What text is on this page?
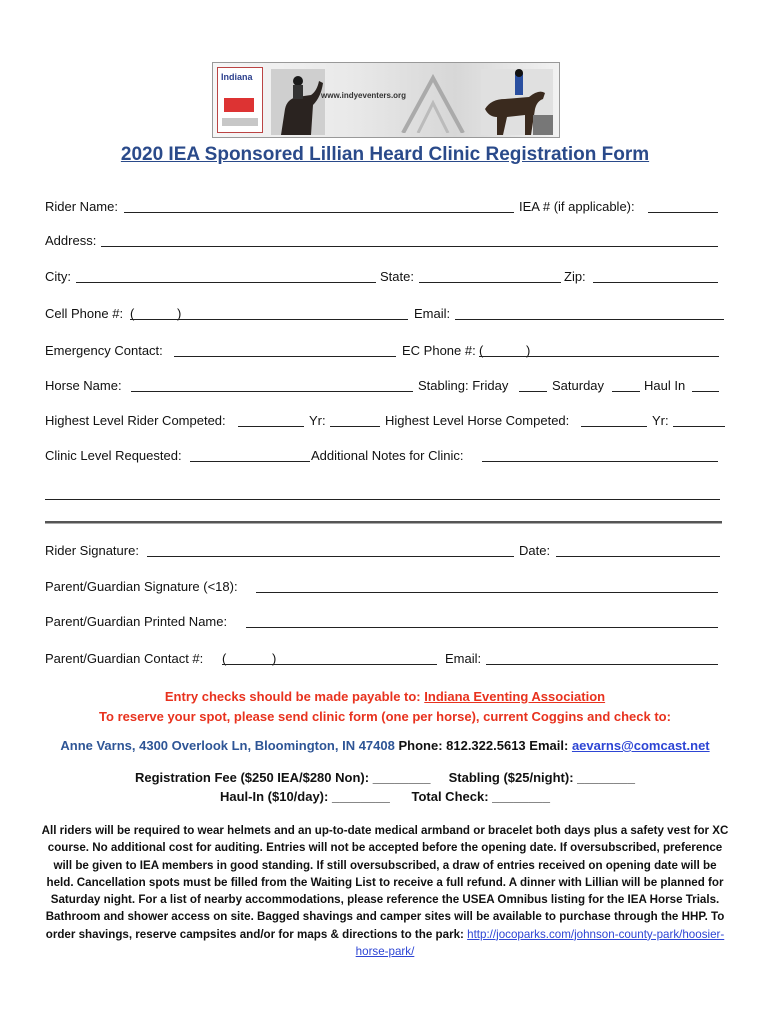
Indiana
www.indyeventers.org
2020 IEA Sponsored Lillian Heard Clinic Registration Form
Rider Name:	IEA # (if applicable):
Address:
City:	State:	Zip:
Cell Phone #: (	)	Email:
Emergency Contact:	EC Phone #: (	)
Horse Name:	Stabling: Friday	Saturday	Haul In
Highest Level Rider Competed:	Yr:	Highest Level Horse Competed:	Yr:
Clinic Level Requested:	Additional Notes for Clinic:
Rider Signature:	Date:
Parent/Guardian Signature (<18):
Parent/Guardian Printed Name:
Parent/Guardian Contact #: (	)	Email:
Entry checks should be made payable to: Indiana Eventing Association
To reserve your spot, please send clinic form (one per horse), current Coggins and check to:
Anne Varns, 4300 Overlook Ln, Bloomington, IN 47408 Phone: 812.322.5613 Email: aevarns@comcast.net
Registration Fee ($250 IEA/$280 Non): ________ Stabling ($25/night): ________
Haul-In ($10/day): ________ Total Check: ________
All riders will be required to wear helmets and an up-to-date medical armband or bracelet both days plus a safety vest for XC course. No additional cost for auditing. Entries will not be accepted before the opening date. If oversubscribed, preference will be given to IEA members in good standing. If still oversubscribed, a draw of entries received on opening date will be held. Cancellation spots must be filled from the Waiting List to receive a full refund. A dinner with Lillian will be planned for Saturday night. For a list of nearby accommodations, please reference the USEA Omnibus listing for the IEA Horse Trials. Bathroom and shower access on site. Bagged shavings and camper sites will be available to purchase through the HHP. To order shavings, reserve campsites and/or for maps & directions to the park: http://jocoparks.com/johnson-county-park/hoosier-horse-park/
